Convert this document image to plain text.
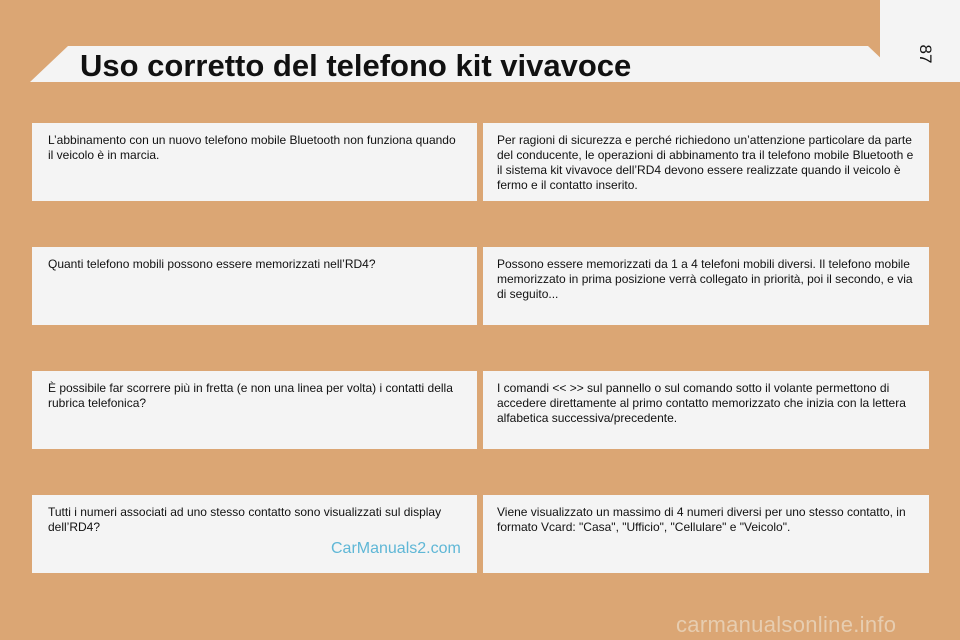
Uso corretto del telefono kit vivavoce	87
L’abbinamento con un nuovo telefono mobile Bluetooth non funziona quando il veicolo è in marcia.
Per ragioni di sicurezza e perché richiedono un’attenzione particolare da parte del conducente, le operazioni di abbinamento tra il telefono mobile Bluetooth e il sistema kit vivavoce dell’RD4 devono essere realizzate quando il veicolo è fermo e il contatto inserito.
Quanti telefono mobili possono essere memorizzati nell’RD4?	Possono essere memorizzati da 1 a 4 telefoni mobili diversi. Il telefono mobile memorizzato in prima posizione verrà collegato in priorità, poi il secondo, e via di seguito...
È possibile far scorrere più in fretta (e non una linea per volta) i contatti della rubrica telefonica?
I comandi << >> sul pannello o sul comando sotto il volante permettono di accedere direttamente al primo contatto memorizzato che inizia con la lettera alfabetica successiva/precedente.
Tutti i numeri associati ad uno stesso contatto sono visualizzati sul display dell’RD4?
Viene visualizzato un massimo di 4 numeri diversi per uno stesso contatto, in formato Vcard: "Casa", "Ufficio", "Cellulare" e "Veicolo".
CarManuals2.com
carmanualsonline.info
